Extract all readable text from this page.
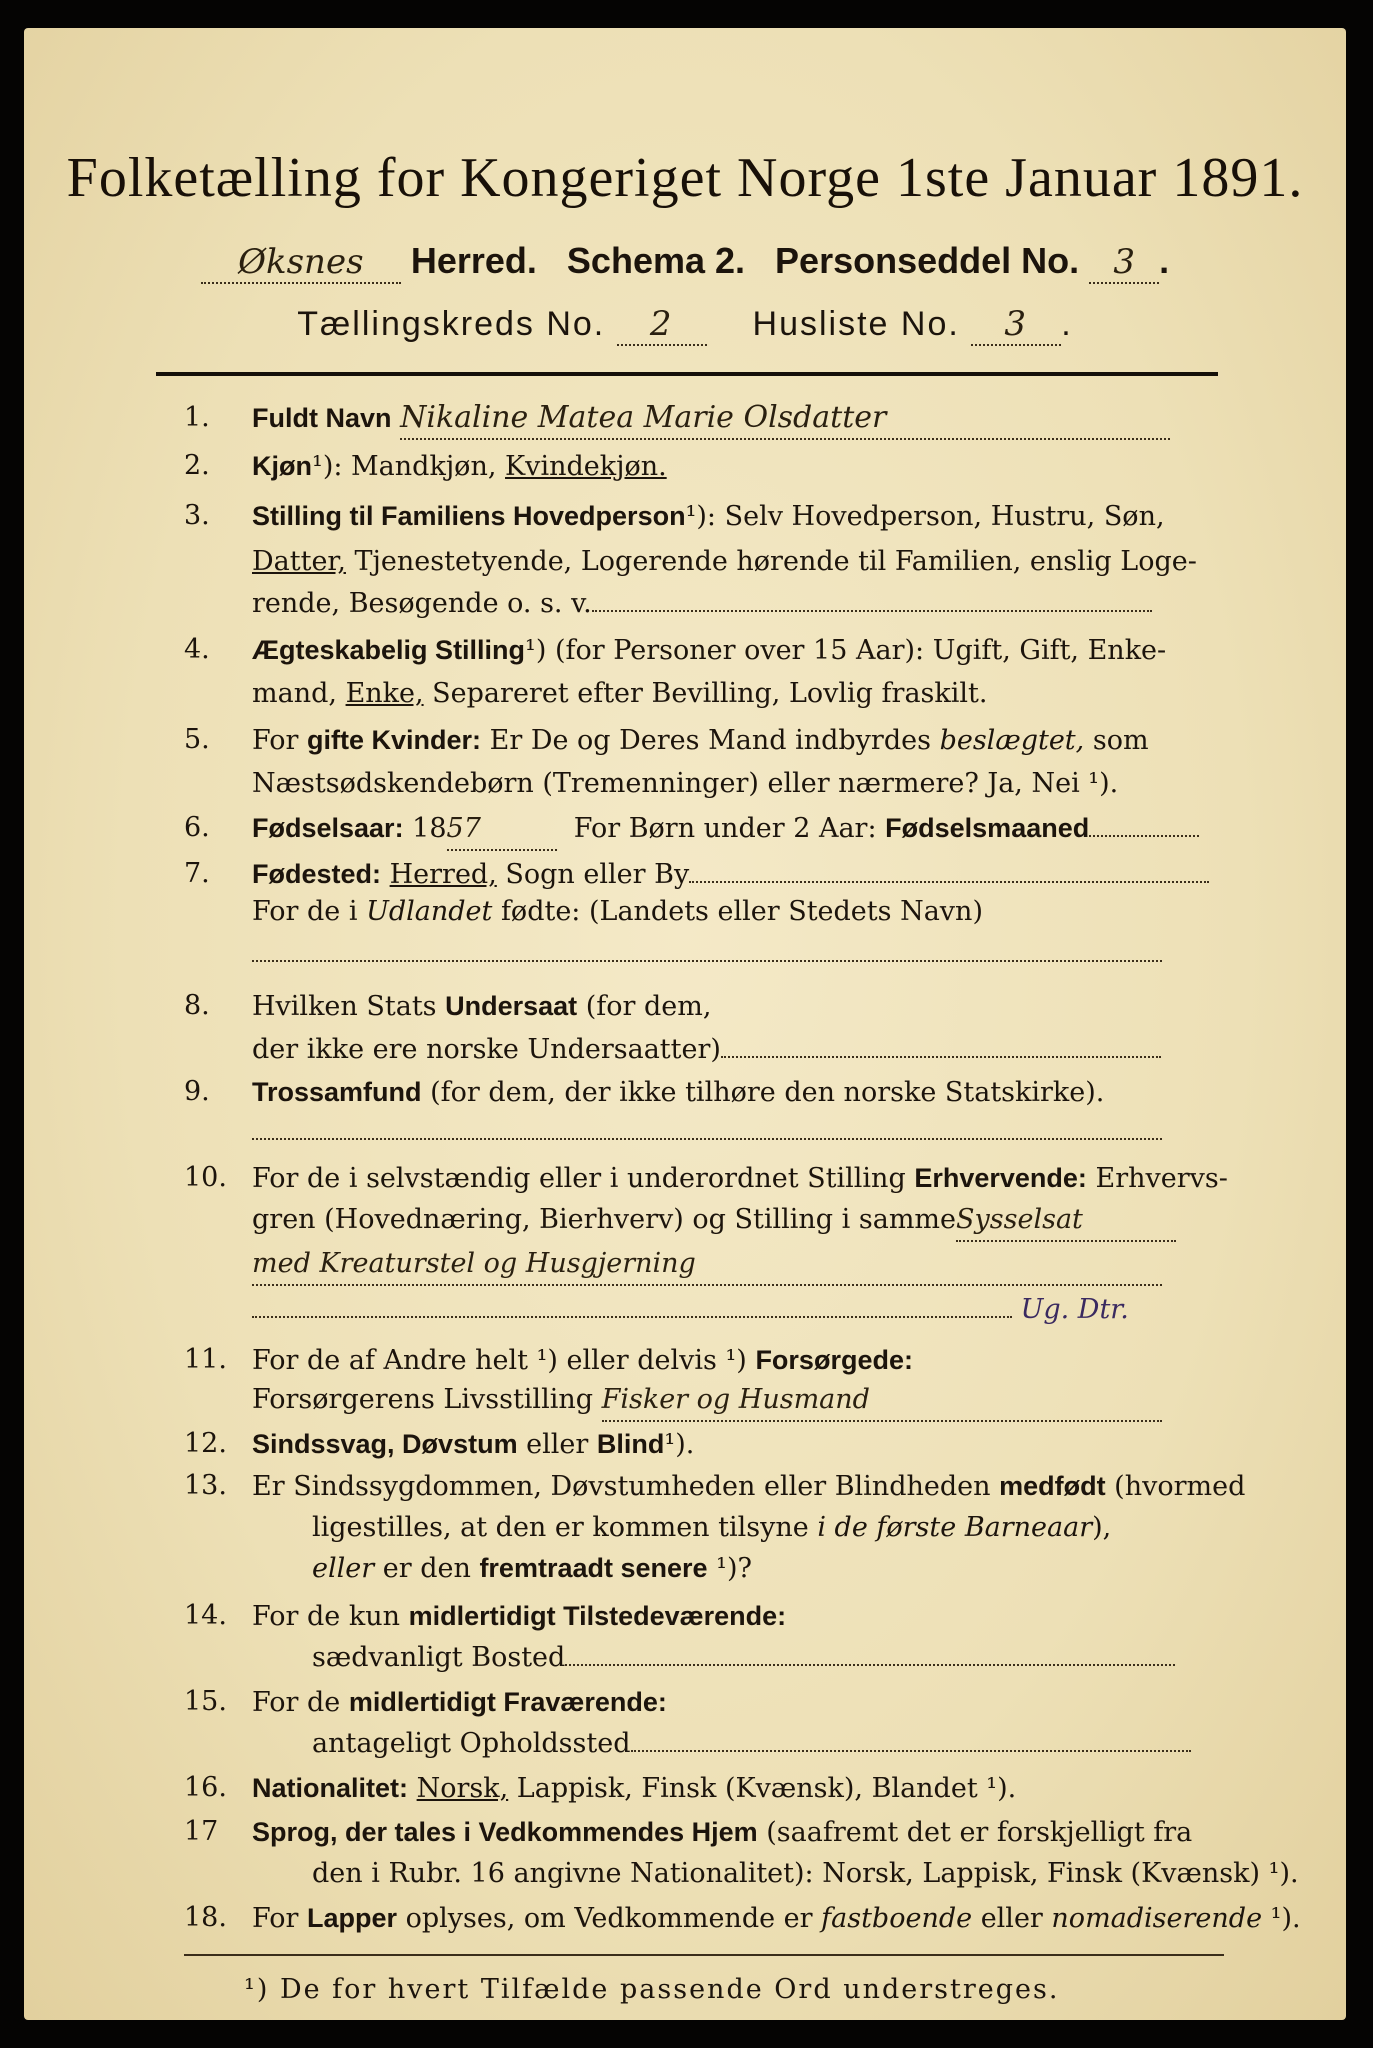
Folketælling for Kongeriget Norge 1ste Januar 1891.
Øksnes Herred. Schema 2. Personseddel No. 3 .
Tællingskreds No. 2 Husliste No. 3 .
1.	Fuldt Navn Nikaline Matea Marie Olsdatter
2.	Kjøn¹): Mandkjøn, Kvindekjøn.
3.	Stilling til Familiens Hovedperson¹): Selv Hovedperson, Hustru, Søn,
Datter, Tjenestetyende, Logerende hørende til Familien, enslig Loge-
rende, Besøgende o. s. v.
4.	Ægteskabelig Stilling¹) (for Personer over 15 Aar): Ugift, Gift, Enke-
mand, Enke, Separeret efter Bevilling, Lovlig fraskilt.
5.	For gifte Kvinder: Er De og Deres Mand indbyrdes beslægtet, som
Næstsødskendebørn (Tremenninger) eller nærmere? Ja, Nei ¹).
6.	Fødselsaar: 1857	For Børn under 2 Aar: Fødselsmaaned
7.	Fødested: Herred, Sogn eller By
For de i Udlandet fødte: (Landets eller Stedets Navn)
8.	Hvilken Stats Undersaat (for dem,
der ikke ere norske Undersaatter)
9.	Trossamfund (for dem, der ikke tilhøre den norske Statskirke).
10. For de i selvstændig eller i underordnet Stilling Erhvervende: Erhvervs-
gren (Hovednæring, Bierhverv) og Stilling i sammeSysselsat
med Kreaturstel og Husgjerning
Ug. Dtr.
11. For de af Andre helt ¹) eller delvis ¹) Forsørgede:
Forsørgerens Livsstilling Fisker og Husmand
12. Sindssvag, Døvstum eller Blind¹).
13. Er Sindssygdommen, Døvstumheden eller Blindheden medfødt (hvormed
ligestilles, at den er kommen tilsyne i de første Barneaar),
eller er den fremtraadt senere ¹)?
14. For de kun midlertidigt Tilstedeværende:
sædvanligt Bosted
15. For de midlertidigt Fraværende:
antageligt Opholdssted
16. Nationalitet: Norsk, Lappisk, Finsk (Kvænsk), Blandet ¹).
17	Sprog, der tales i Vedkommendes Hjem (saafremt det er forskjelligt fra
den i Rubr. 16 angivne Nationalitet): Norsk, Lappisk, Finsk (Kvænsk) ¹).
18. For Lapper oplyses, om Vedkommende er fastboende eller nomadiserende ¹).
¹) De for hvert Tilfælde passende Ord understreges.
